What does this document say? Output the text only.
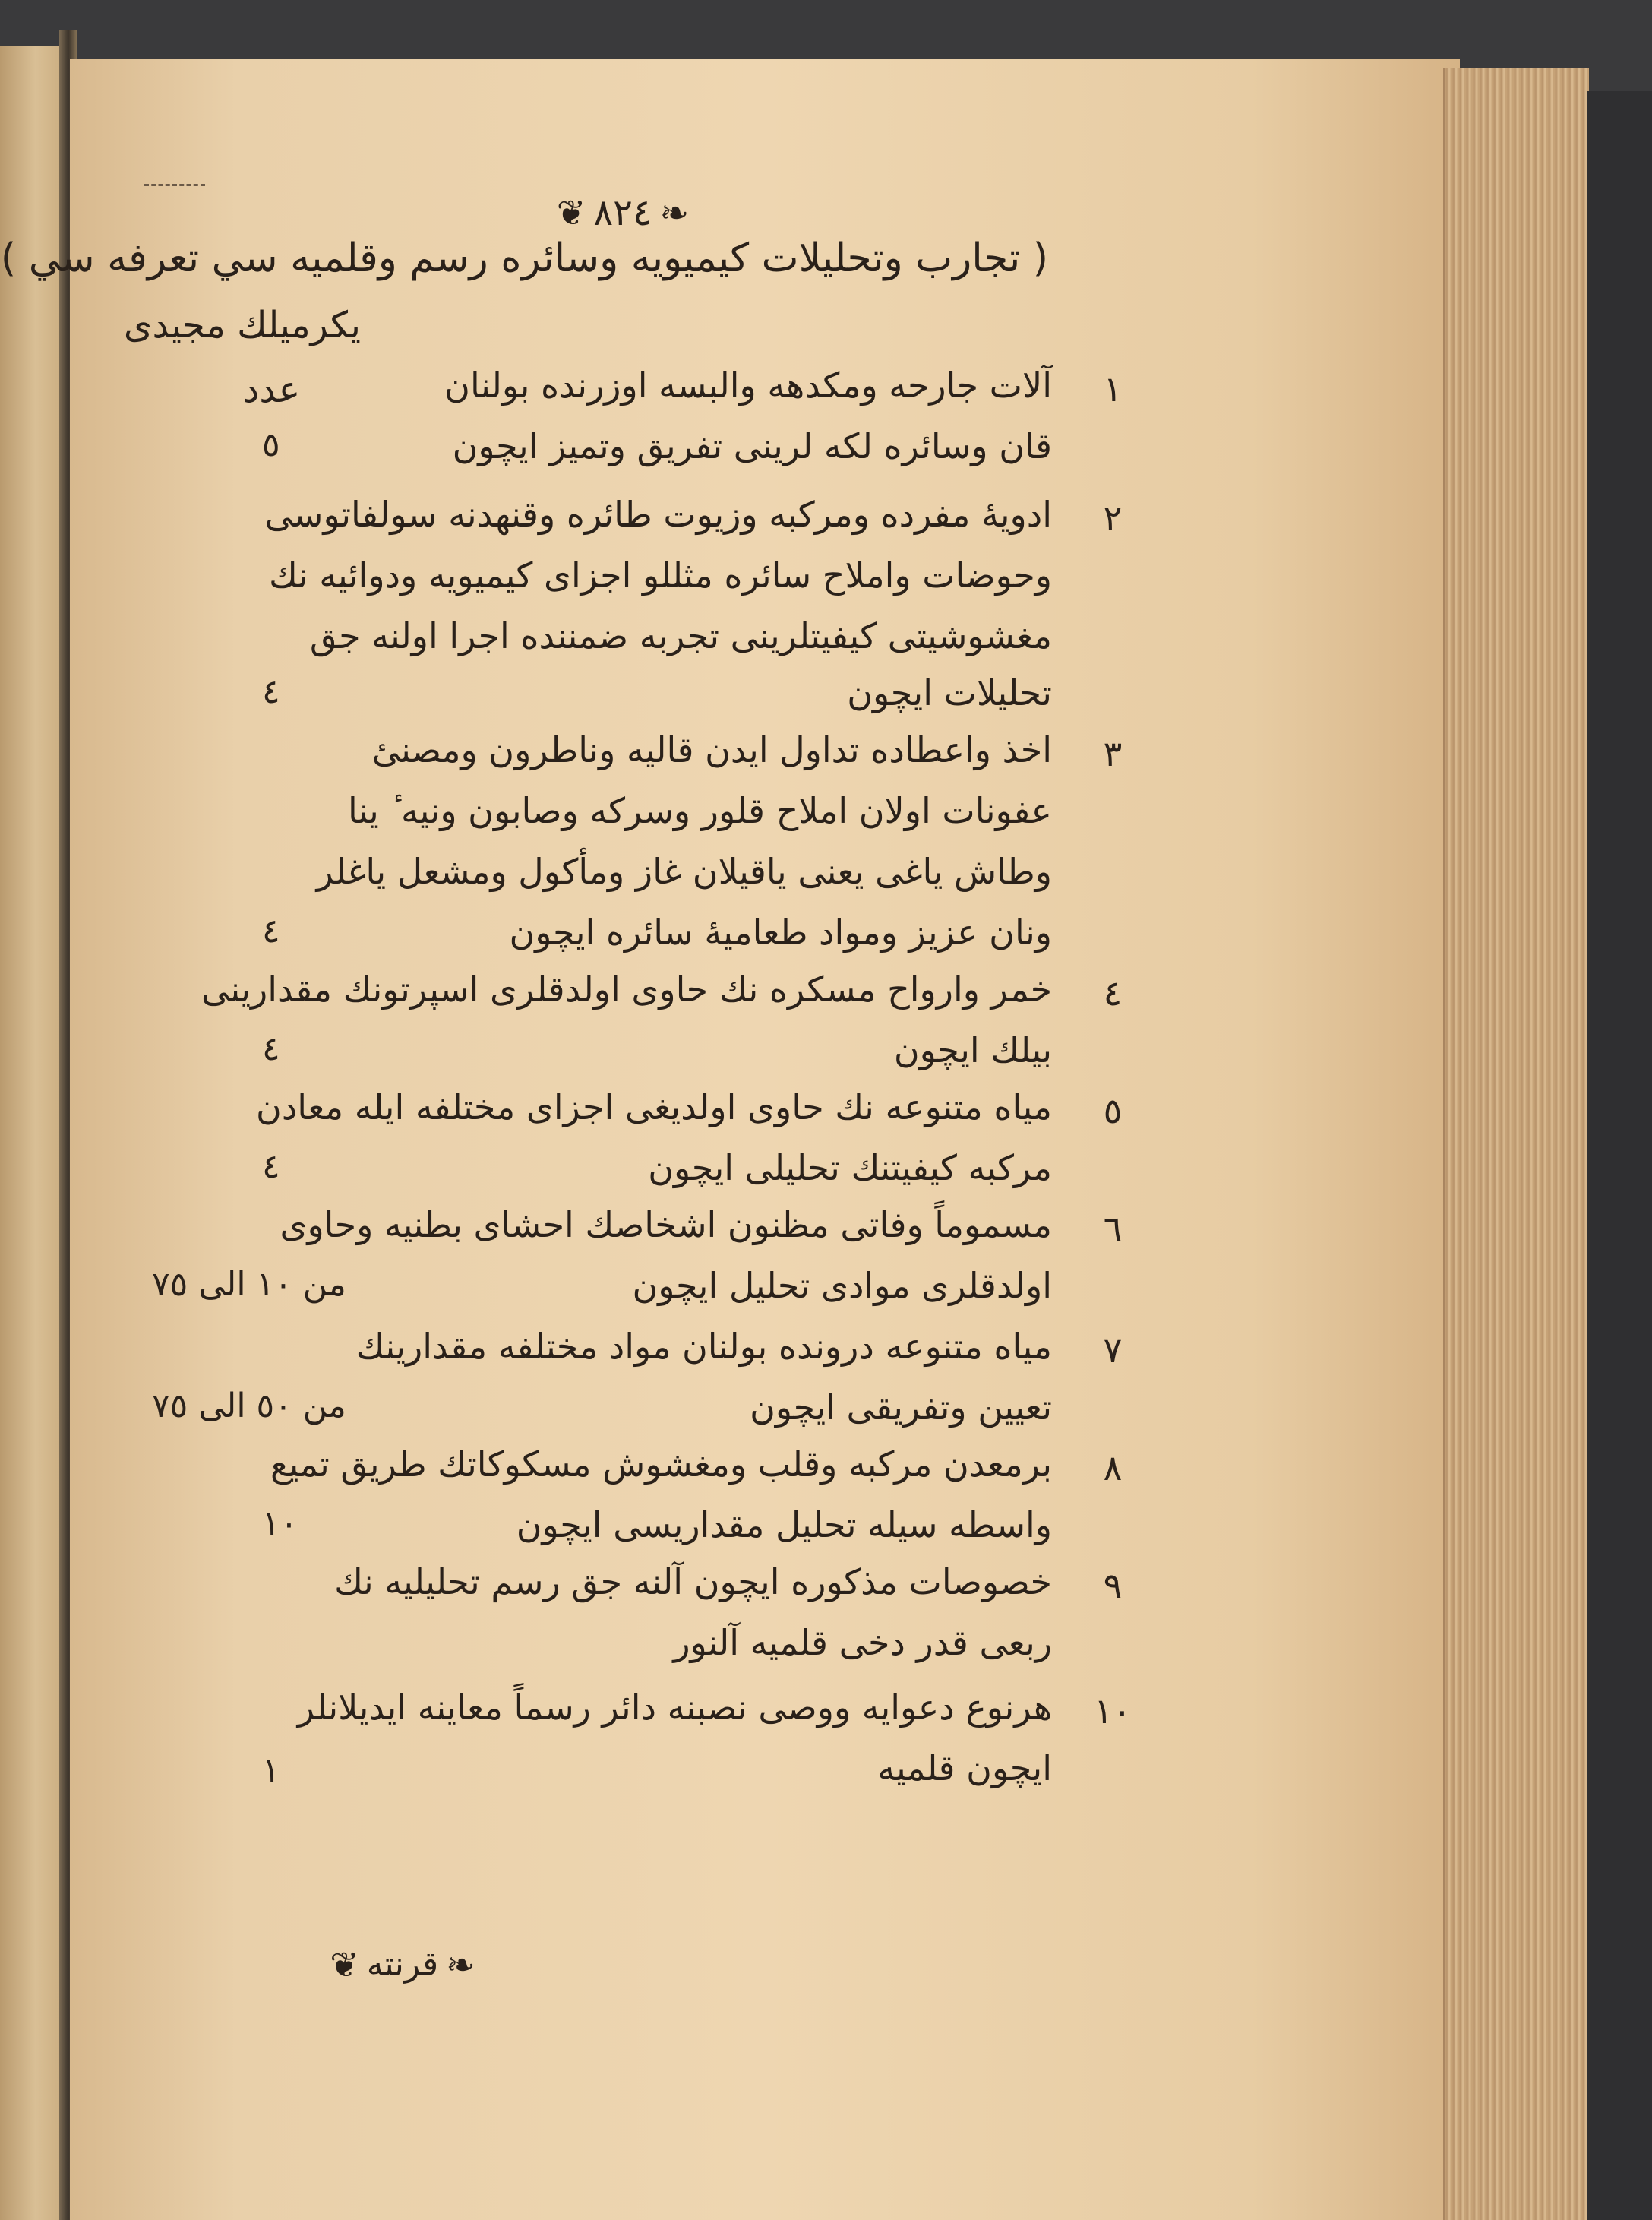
❦ ٨٢٤ ❧
( تجارب وتحليلات كيميويه وسائره رسم وقلميه سي تعرفه سي )
يكرميلك مجيدى
عدد	١
آلات جارحه ومكدهه والبسه اوزرنده بولنان
قان وسائره لكه لرينى تفريق وتميز ايچون
٥
٢
ادويهٔ مفرده ومركبه وزيوت طائره وقنهدنه سولفاتوسى
وحوضات واملاح سائره مثللو اجزاى كيميويه ودوائيه نك
مغشوشيتى كيفيتلرينى تجربه ضمننده اجرا اولنه جق
تحليلات ايچون
٤
٣
اخذ واعطاده تداول ايدن قاليه وناطرون ومصنىٔ
عفونات اولان املاح قلور وسركه وصابون ونيه ٔ ينا
وطاش ياغى يعنى ياقيلان غاز ومأكول ومشعل ياغلر
ونان عزيز ومواد طعاميهٔ سائره ايچون
٤
٤
خمر وارواح مسكره نك حاوى اولدقلرى اسپرتونك مقدارينى
بيلك ايچون
٤
٥
مياه متنوعه نك حاوى اولديغى اجزاى مختلفه ايله معادن
مركبه كيفيتنك تحليلى ايچون
٤
٦
مسموماً وفاتى مظنون اشخاصك احشاى بطنيه وحاوى
اولدقلرى موادى تحليل ايچون
من ١٠ الى ٧٥
٧
مياه متنوعه درونده بولنان مواد مختلفه مقدارينك
تعيين وتفريقى ايچون
من ٥٠ الى ٧٥
٨
برمعدن مركبه وقلب ومغشوش مسكوكاتك طريق تميع
واسطه سيله تحليل مقداريسى ايچون
١٠
٩
خصوصات مذكوره ايچون آلنه جق رسم تحليليه نك
ربعى قدر دخى قلميه آلنور
١٠
هرنوع دعوايه ووصى نصبنه دائر رسماً معاينه ايديلانلر
ايچون قلميه
١
❦ قرنته ❧
